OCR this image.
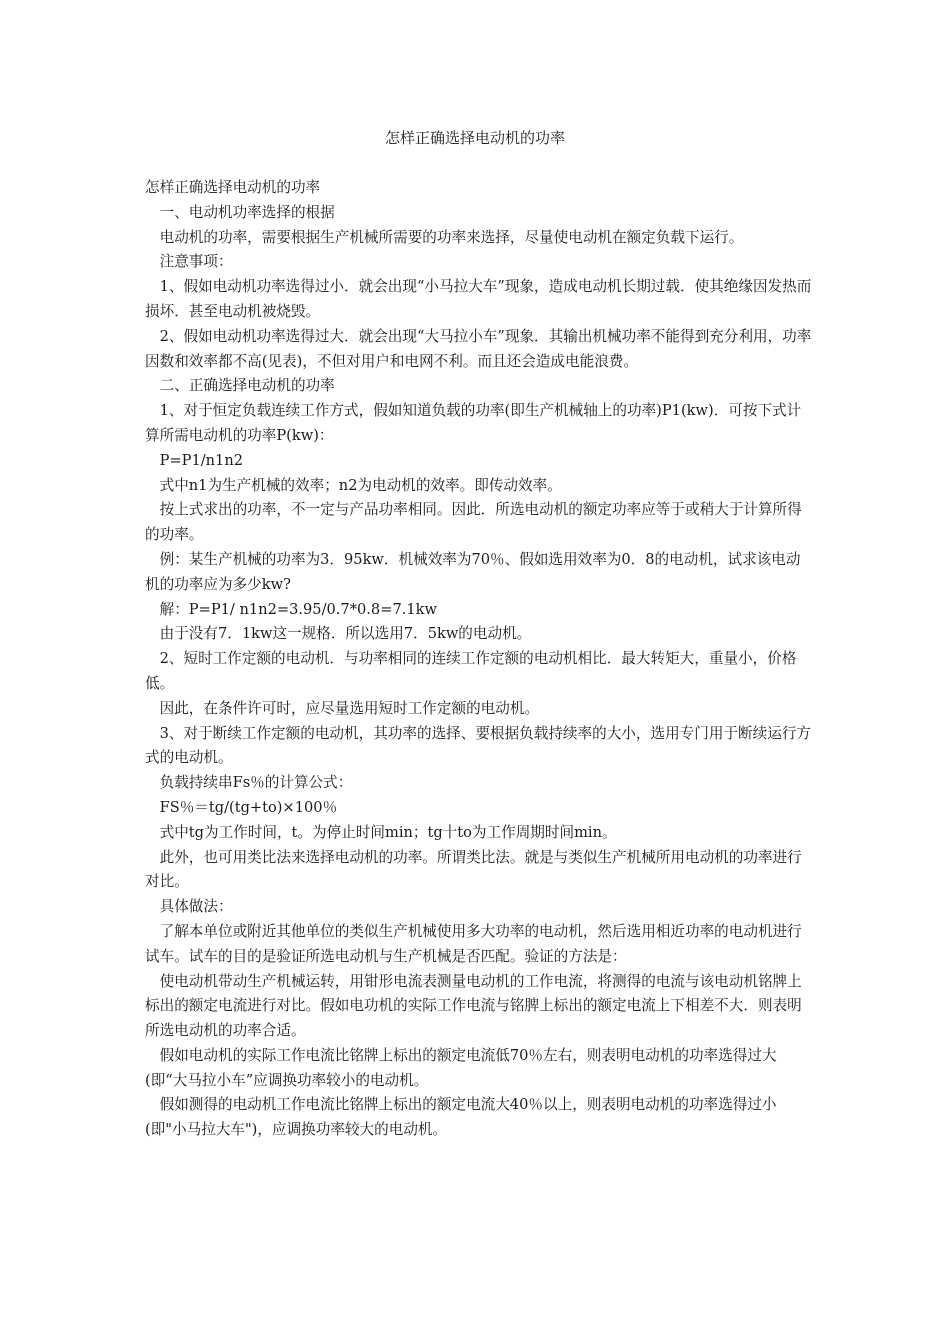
怎样正确选择电动机的功率

怎样正确选择电动机的功率

一、电动机功率选择的根据

电动机的功率，需要根据生产机械所需要的功率来选择，尽量使电动机在额定负载下运行。

注意事项：

1、假如电动机功率选得过小．就会出现“小马拉大车”现象，造成电动机长期过载．使其绝缘因发热而损坏．甚至电动机被烧毁。

2、假如电动机功率选得过大．就会出现“大马拉小车”现象．其输出机械功率不能得到充分利用，功率因数和效率都不高(见表)，不但对用户和电网不利。而且还会造成电能浪费。

二、正确选择电动机的功率

1、对于恒定负载连续工作方式，假如知道负载的功率(即生产机械轴上的功率)P1(kw)．可按下式计算所需电动机的功率P(kw)：

P=P1/n1n2

式中n1为生产机械的效率；n2为电动机的效率。即传动效率。

按上式求出的功率，不一定与产品功率相同。因此．所选电动机的额定功率应等于或稍大于计算所得的功率。

例：某生产机械的功率为3．95kw．机械效率为70％、假如选用效率为0．8的电动机，试求该电动机的功率应为多少kw?

解：P=P1/ n1n2=3.95/0.7*0.8=7.1kw

由于没有7．1kw这一规格．所以选用7．5kw的电动机。

2、短时工作定额的电动机．与功率相同的连续工作定额的电动机相比．最大转矩大，重量小，价格低。

因此，在条件许可时，应尽量选用短时工作定额的电动机。

3、对于断续工作定额的电动机，其功率的选择、要根据负载持续率的大小，选用专门用于断续运行方式的电动机。

负载持续串Fs％的计算公式：

FS％＝tg/(tg+to)×100％

式中tg为工作时间，t。为停止时间min；tg十to为工作周期时间min。

此外，也可用类比法来选择电动机的功率。所谓类比法。就是与类似生产机械所用电动机的功率进行对比。

具体做法：

了解本单位或附近其他单位的类似生产机械使用多大功率的电动机，然后选用相近功率的电动机进行试车。试车的目的是验证所选电动机与生产机械是否匹配。验证的方法是：

使电动机带动生产机械运转，用钳形电流表测量电动机的工作电流，将测得的电流与该电动机铭牌上标出的额定电流进行对比。假如电功机的实际工作电流与铭脾上标出的额定电流上下相差不大．则表明所选电动机的功率合适。

假如电动机的实际工作电流比铭牌上标出的额定电流低70％左右，则表明电动机的功率选得过大(即“大马拉小车”应调换功率较小的电动机。

假如测得的电动机工作电流比铭牌上标出的额定电流大40％以上，则表明电动机的功率选得过小(即"小马拉大车")，应调换功率较大的电动机。
